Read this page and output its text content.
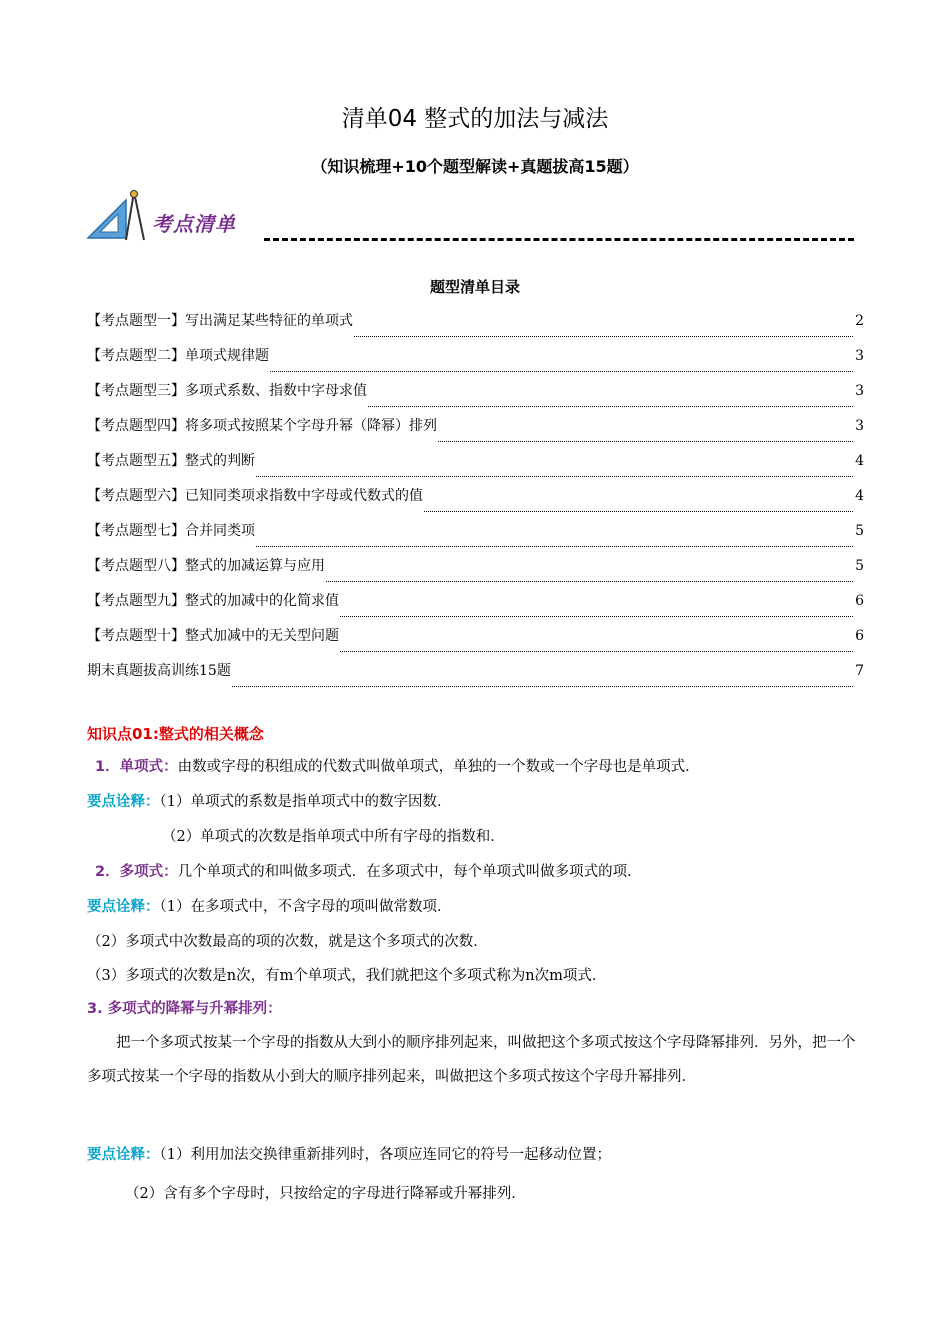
清单04 整式的加法与减法
（知识梳理+10个题型解读+真题拔高15题）
考点清单
题型清单目录
【考点题型一】写出满足某些特征的单项式	2
【考点题型二】单项式规律题	3
【考点题型三】多项式系数、指数中字母求值	3
【考点题型四】将多项式按照某个字母升幂（降幂）排列	3
【考点题型五】整式的判断	4
【考点题型六】已知同类项求指数中字母或代数式的值	4
【考点题型七】合并同类项	5
【考点题型八】整式的加减运算与应用	5
【考点题型九】整式的加减中的化简求值	6
【考点题型十】整式加减中的无关型问题	6
期末真题拔高训练15题	7
知识点01:整式的相关概念
1．单项式：由数或字母的积组成的代数式叫做单项式，单独的一个数或一个字母也是单项式．
要点诠释：（1）单项式的系数是指单项式中的数字因数．
（2）单项式的次数是指单项式中所有字母的指数和．
2．多项式：几个单项式的和叫做多项式．在多项式中，每个单项式叫做多项式的项．
要点诠释：（1）在多项式中，不含字母的项叫做常数项．
（2）多项式中次数最高的项的次数，就是这个多项式的次数．
（3）多项式的次数是n次，有m个单项式，我们就把这个多项式称为n次m项式．
3. 多项式的降幂与升幂排列：
把一个多项式按某一个字母的指数从大到小的顺序排列起来，叫做把这个多项式按这个字母降幂排列．另外，把一个多项式按某一个字母的指数从小到大的顺序排列起来，叫做把这个多项式按这个字母升幂排列．
要点诠释：（1）利用加法交换律重新排列时，各项应连同它的符号一起移动位置；
（2）含有多个字母时，只按给定的字母进行降幂或升幂排列．
